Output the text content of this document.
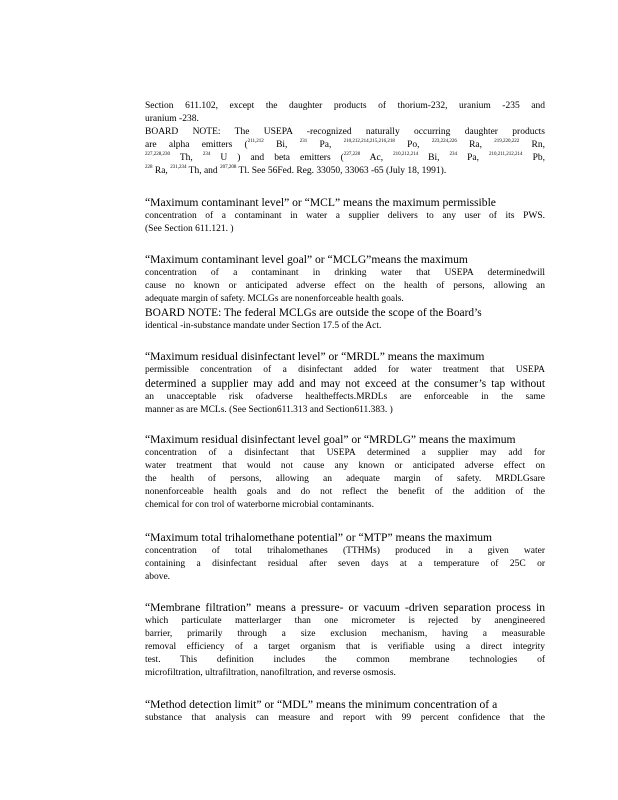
Section 611.102, except the daughter products of thorium-232, uranium -235 and
uranium -238.
BOARD NOTE: The USEPA -recognized naturally occurring daughter products
are alpha emitters ($^{211,212}$ Bi, $^{231}$ Pa, $^{210,212,214,215,216,218}$ Po, $^{223,224,226}$ Ra, $^{219,220,222}$ Rn,
$^{227,228,230}$ Th, $^{234}$ U ) and beta emitters ($^{227,228}$ Ac, $^{210,212,214}$ Bi, $^{234}$ Pa, $^{210,211,212,214}$ Pb,
$^{228}$ Ra, $^{231,234}$ Th, and $^{207,208}$ Tl. See 56Fed. Reg. 33050, 33063 -65 (July 18, 1991).
“Maximum contaminant level” or “MCL” means the maximum permissible
concentration of a contaminant in water a supplier delivers to any user of its PWS.
(See Section 611.121. )
“Maximum contaminant level goal” or “MCLG”means the maximum
concentration of a contaminant in drinking water that USEPA determinedwill
cause no known or anticipated adverse effect on the health of persons, allowing an
adequate margin of safety. MCLGs are nonenforceable health goals.
BOARD NOTE: The federal MCLGs are outside the scope of the Board’s
identical -in-substance mandate under Section 17.5 of the Act.
“Maximum residual disinfectant level” or “MRDL” means the maximum
permissible concentration of a disinfectant added for water treatment that USEPA
determined a supplier may add and may not exceed at the consumer’s tap without
an unacceptable risk ofadverse healtheffects.MRDLs are enforceable in the same
manner as are MCLs. (See Section611.313 and Section611.383. )
“Maximum residual disinfectant level goal” or “MRDLG” means the maximum
concentration of a disinfectant that USEPA determined a supplier may add for
water treatment that would not cause any known or anticipated adverse effect on
the health of persons, allowing an adequate margin of safety. MRDLGsare
nonenforceable health goals and do not reflect the benefit of the addition of the
chemical for con trol of waterborne microbial contaminants.
“Maximum total trihalomethane potential” or “MTP” means the maximum
concentration of total trihalomethanes (TTHMs) produced in a given water
containing a disinfectant residual after seven days at a temperature of 25C or
above.
“Membrane filtration” means a pressure- or vacuum -driven separation process in
which particulate matterlarger than one micrometer is rejected by anengineered
barrier, primarily through a size exclusion mechanism, having a measurable
removal efficiency of a target organism that is verifiable using a direct integrity
test. This definition includes the common membrane technologies of
microfiltration, ultrafiltration, nanofiltration, and reverse osmosis.
“Method detection limit” or “MDL” means the minimum concentration of a
substance that analysis can measure and report with 99 percent confidence that the
